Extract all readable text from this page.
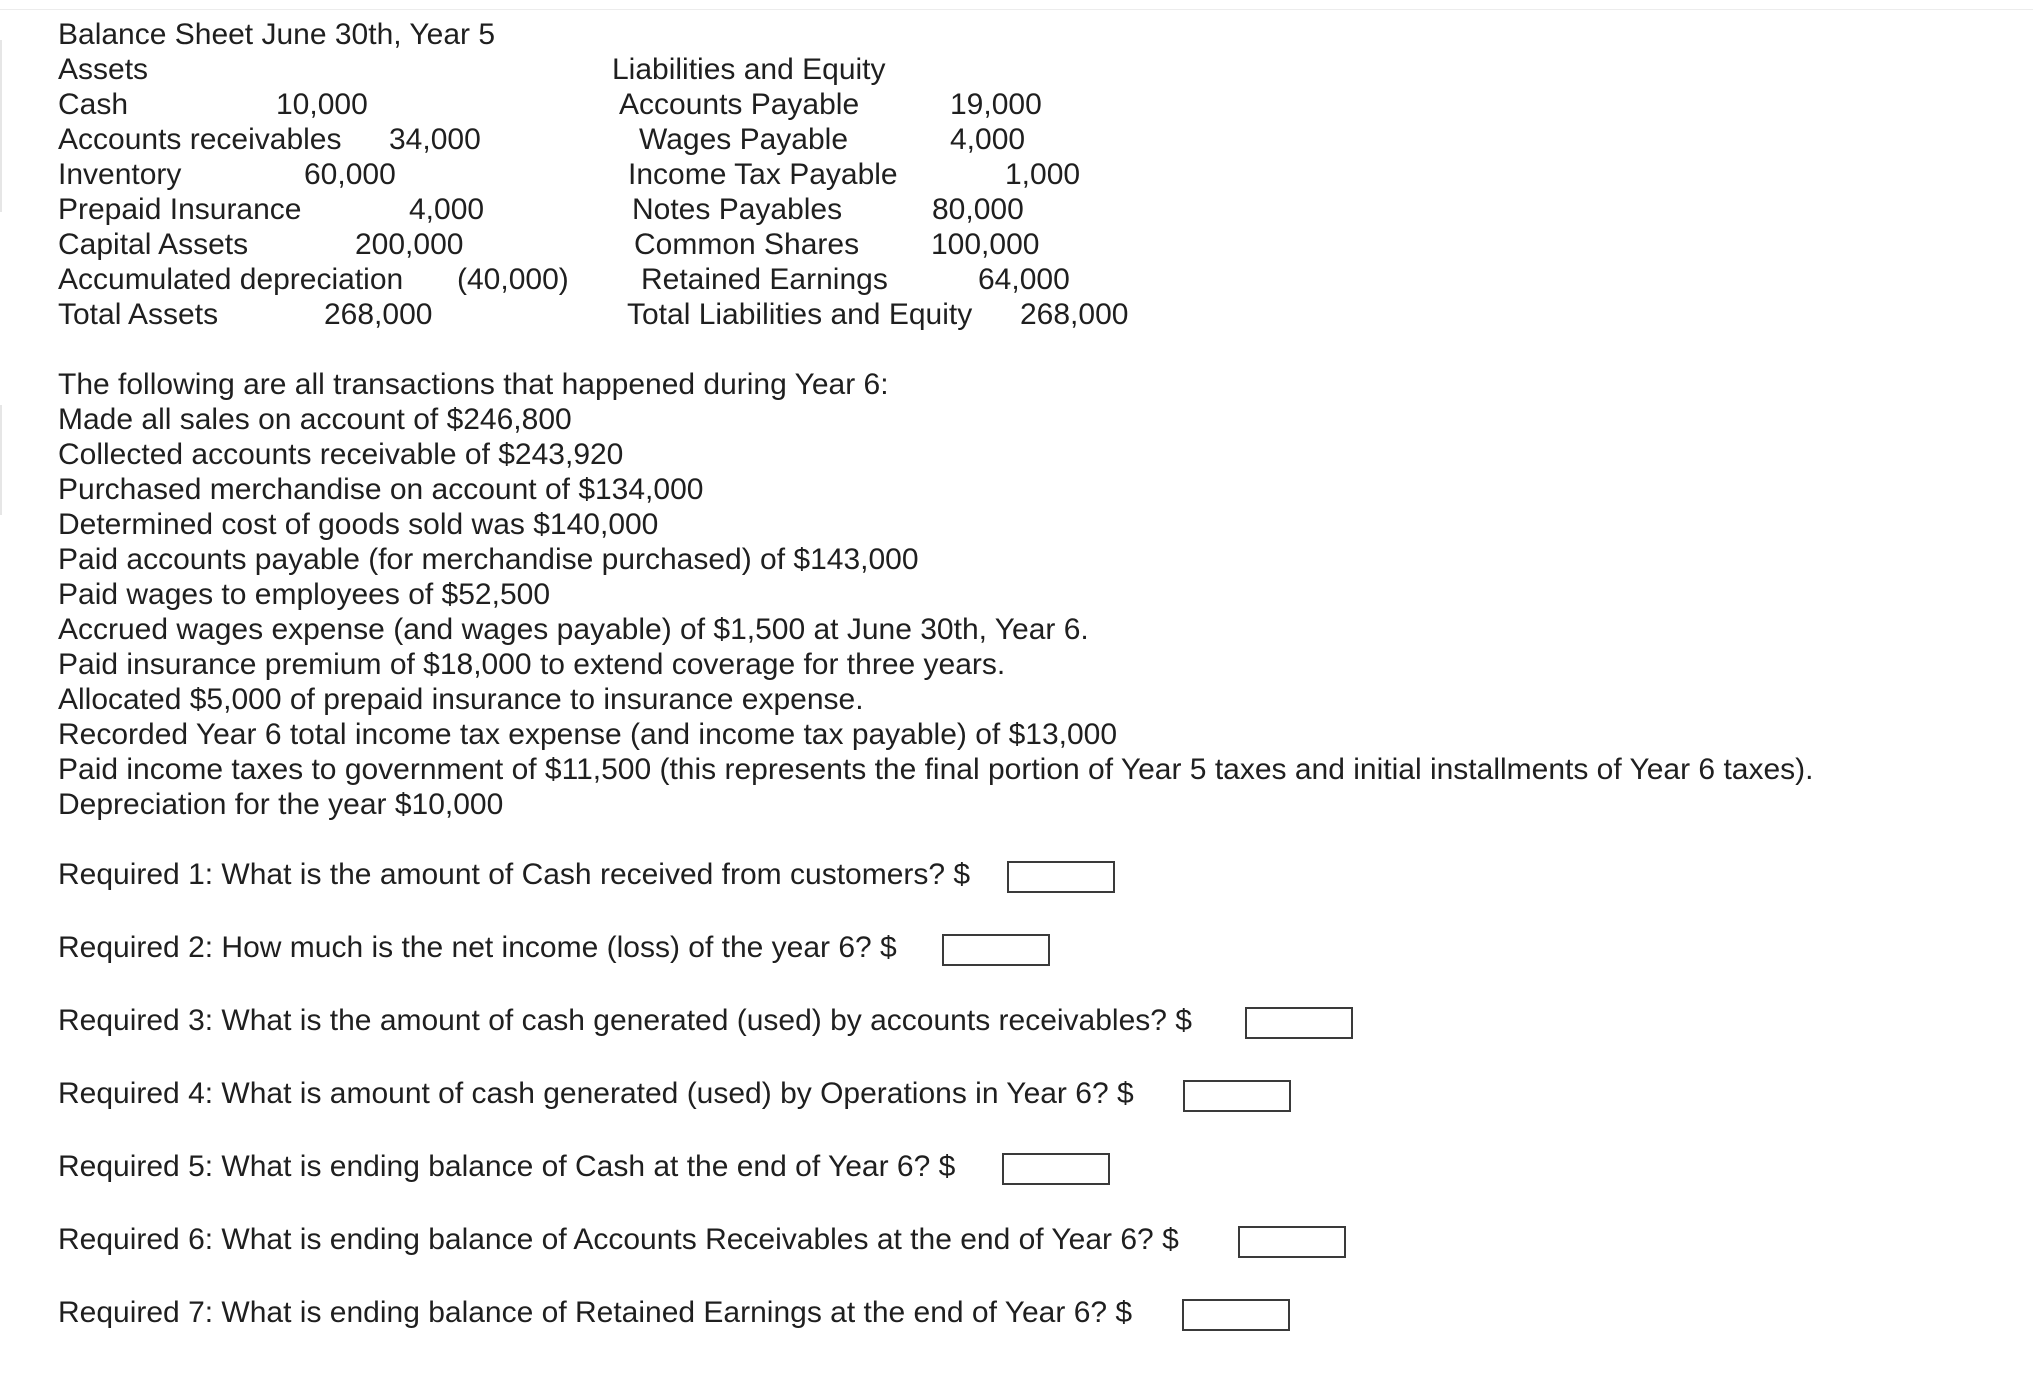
Balance Sheet June 30th, Year 5
Assets
Cash	10,000
Accounts receivables 34,000
Inventory	60,000
Prepaid Insurance	4,000
Capital Assets	200,000
Accumulated depreciation (40,000)
Total Assets	268,000
Liabilities and Equity
Accounts Payable	19,000
Wages Payable	4,000
Income Tax Payable	1,000
Notes Payables	80,000
Common Shares 100,000
Retained Earnings	64,000
Total Liabilities and Equity 268,000
The following are all transactions that happened during Year 6:
Made all sales on account of $246,800
Collected accounts receivable of $243,920
Purchased merchandise on account of $134,000
Determined cost of goods sold was $140,000
Paid accounts payable (for merchandise purchased) of $143,000
Paid wages to employees of $52,500
Accrued wages expense (and wages payable) of $1,500 at June 30th, Year 6.
Paid insurance premium of $18,000 to extend coverage for three years.
Allocated $5,000 of prepaid insurance to insurance expense.
Recorded Year 6 total income tax expense (and income tax payable) of $13,000
Paid income taxes to government of $11,500 (this represents the final portion of Year 5 taxes and initial installments of Year 6 taxes).
Depreciation for the year $10,000
Required 1: What is the amount of Cash received from customers? $
Required 2: How much is the net income (loss) of the year 6? $
Required 3: What is the amount of cash generated (used) by accounts receivables? $
Required 4: What is amount of cash generated (used) by Operations in Year 6? $
Required 5: What is ending balance of Cash at the end of Year 6? $
Required 6: What is ending balance of Accounts Receivables at the end of Year 6? $
Required 7: What is ending balance of Retained Earnings at the end of Year 6? $
